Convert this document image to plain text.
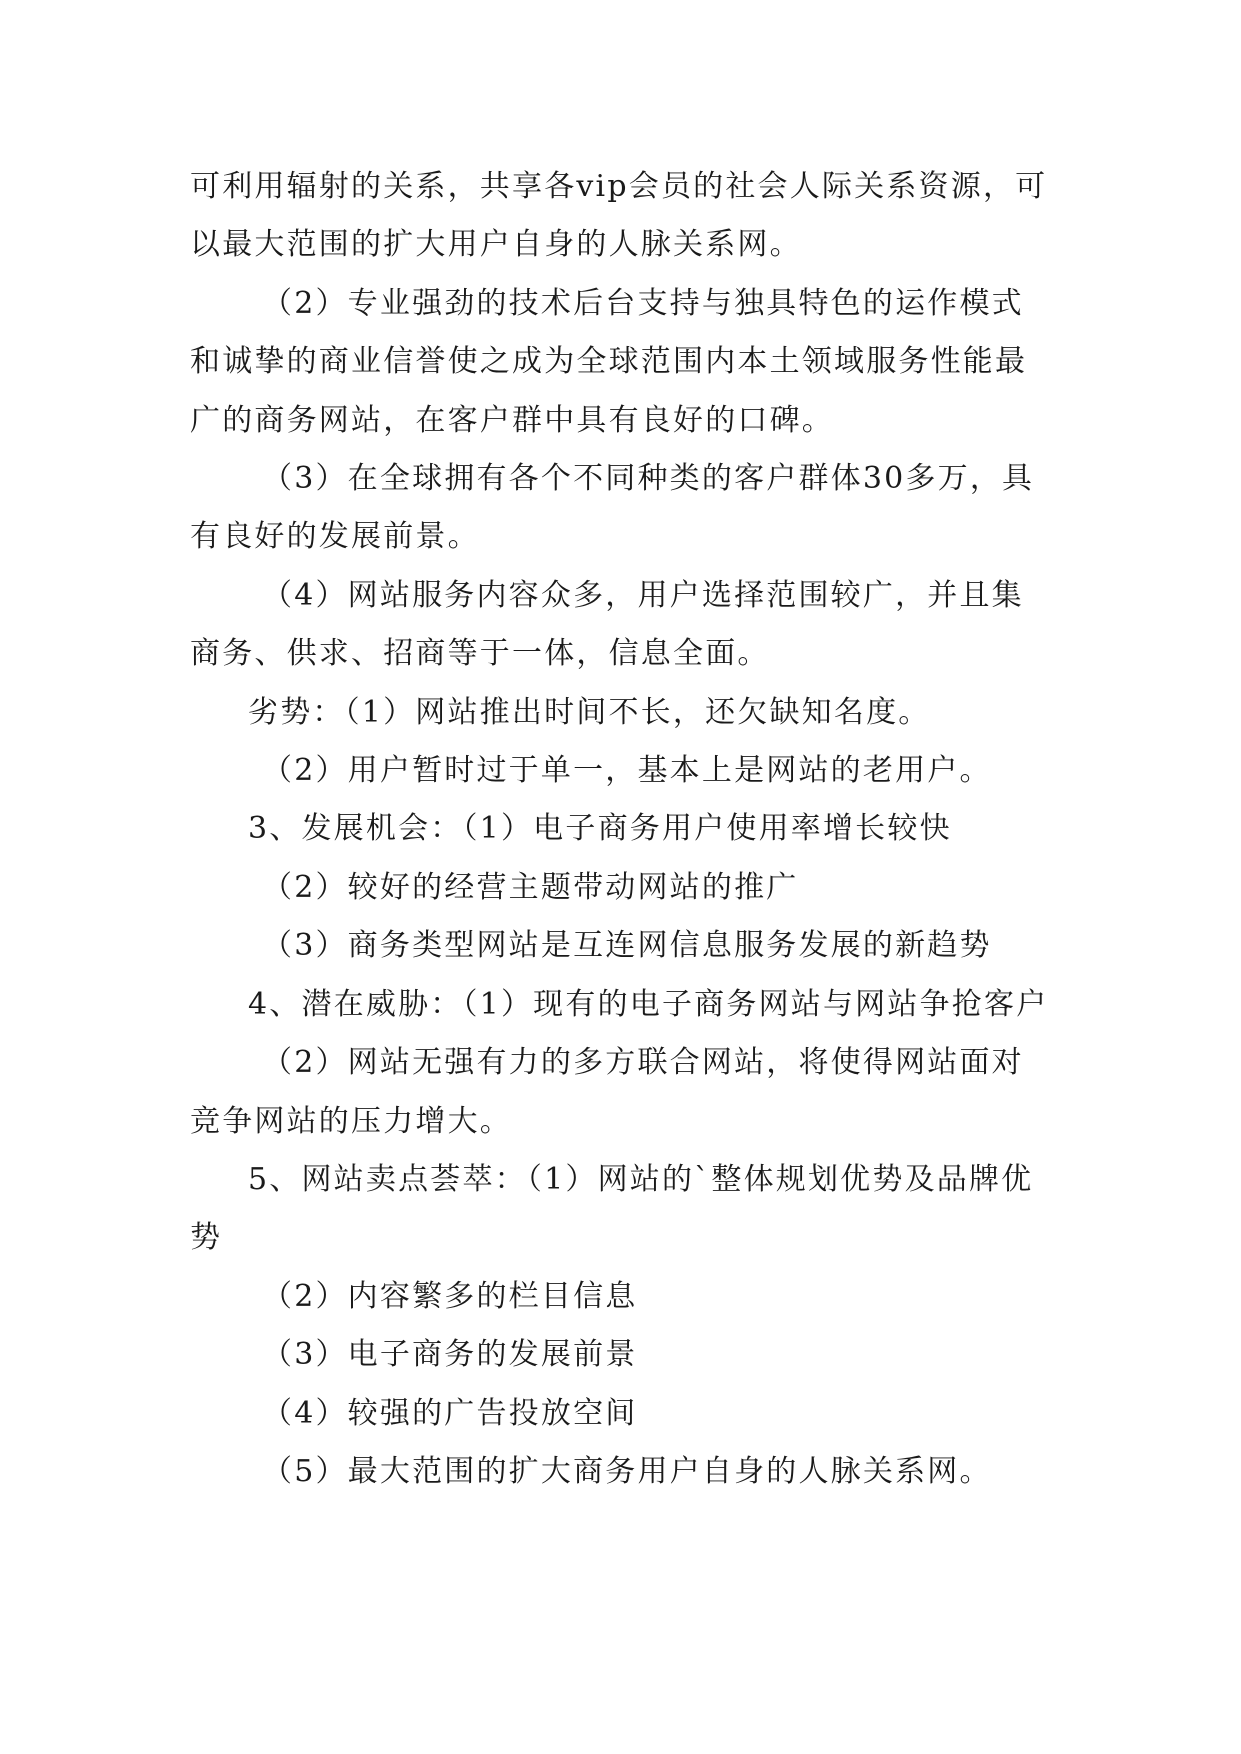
可利用辐射的关系，共享各vip会员的社会人际关系资源，可以最大范围的扩大用户自身的人脉关系网。

（2）专业强劲的技术后台支持与独具特色的运作模式和诚挚的商业信誉使之成为全球范围内本土领域服务性能最广的商务网站，在客户群中具有良好的口碑。

（3）在全球拥有各个不同种类的客户群体30多万，具有良好的发展前景。

（4）网站服务内容众多，用户选择范围较广，并且集商务、供求、招商等于一体，信息全面。

劣势：（1）网站推出时间不长，还欠缺知名度。

（2）用户暂时过于单一，基本上是网站的老用户。

3、发展机会：（1）电子商务用户使用率增长较快

（2）较好的经营主题带动网站的推广

（3）商务类型网站是互连网信息服务发展的新趋势

4、潜在威胁：（1）现有的电子商务网站与网站争抢客户

（2）网站无强有力的多方联合网站，将使得网站面对竞争网站的压力增大。

5、网站卖点荟萃：（1）网站的`整体规划优势及品牌优势

（2）内容繁多的栏目信息

（3）电子商务的发展前景

（4）较强的广告投放空间

（5）最大范围的扩大商务用户自身的人脉关系网。
